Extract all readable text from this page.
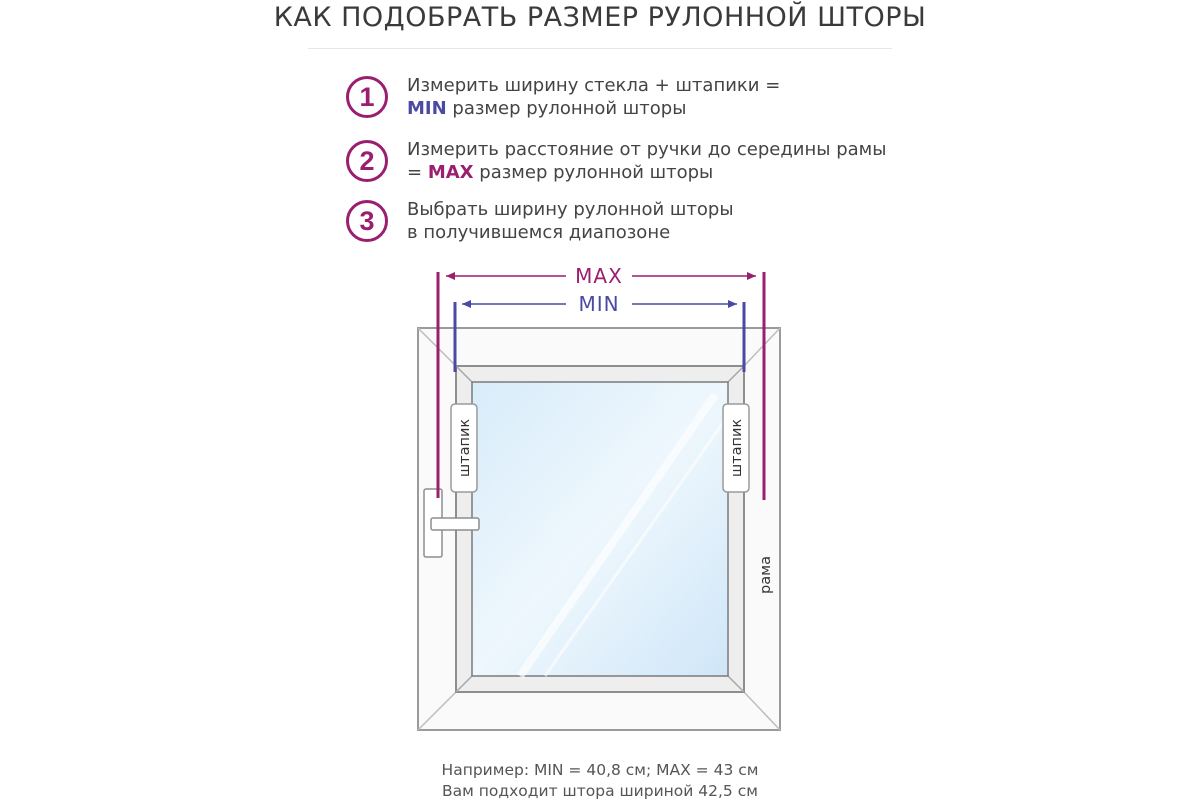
КАК ПОДОБРАТЬ РАЗМЕР РУЛОННОЙ ШТОРЫ
1	Измерить ширину стекла + штапики =
MIN размер рулонной шторы
2	Измерить расстояние от ручки до середины рамы
= MAX размер рулонной шторы
3	Выбрать ширину рулонной шторы
в получившемся диапозоне
MAX
MIN
штапик	штапик
рама
Например: MIN = 40,8 см; MAX = 43 см
Вам подходит штора шириной 42,5 см
